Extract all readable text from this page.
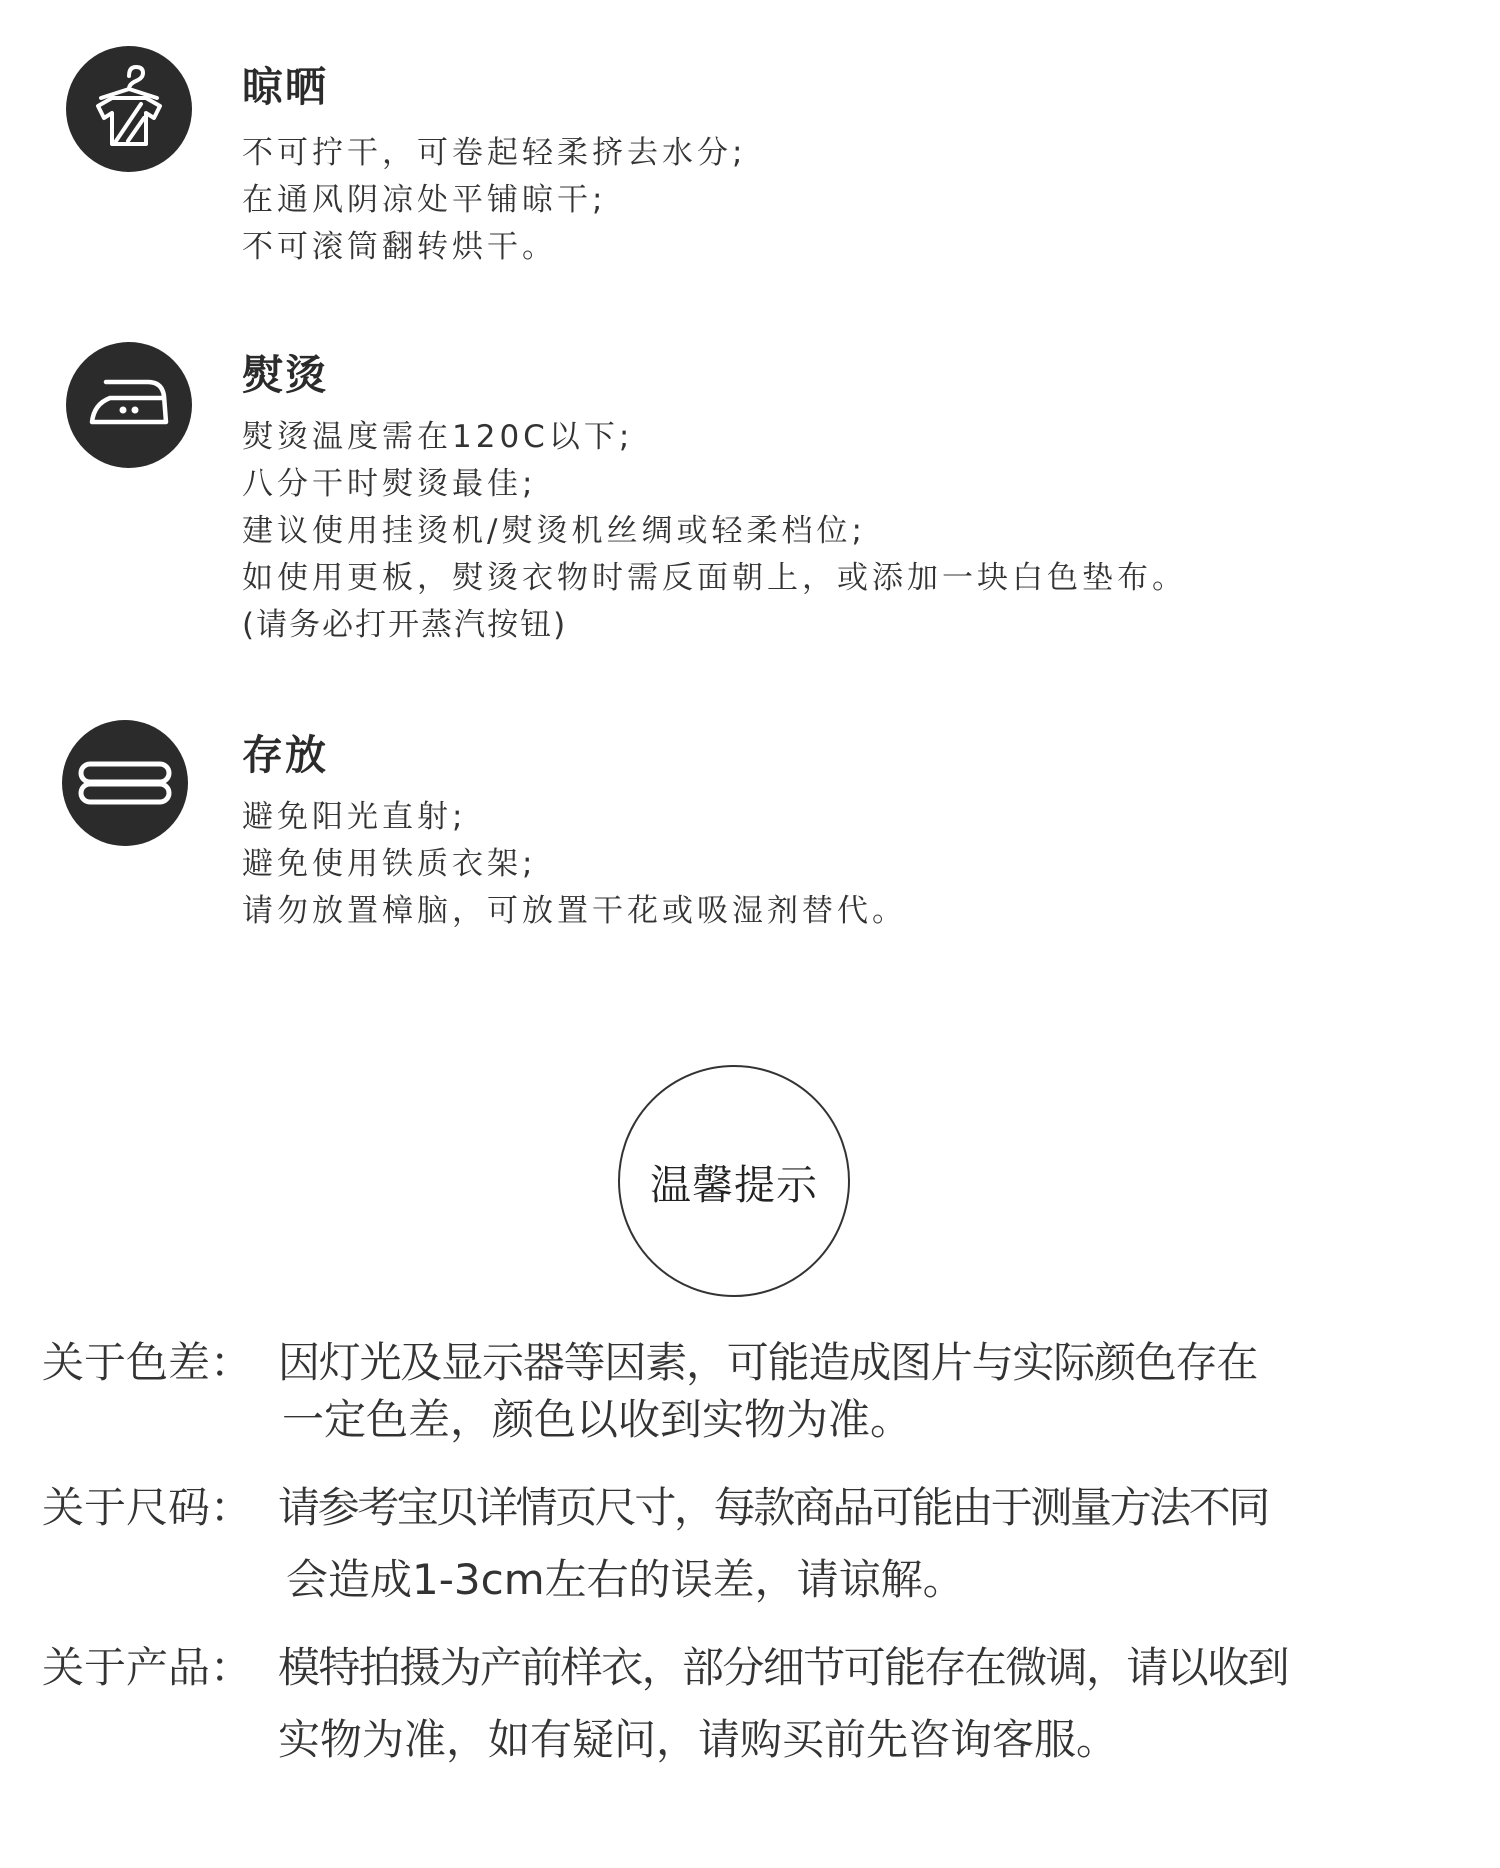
晾晒
不可拧干，可卷起轻柔挤去水分;
在通风阴凉处平铺晾干;
不可滚筒翻转烘干。
熨烫
熨烫温度需在120C以下;
八分干时熨烫最佳;
建议使用挂烫机/熨烫机丝绸或轻柔档位;
如使用更板，熨烫衣物时需反面朝上，或添加一块白色垫布。
(请务必打开蒸汽按钮)
存放
避免阳光直射;
避免使用铁质衣架;
请勿放置樟脑，可放置干花或吸湿剂替代。
温馨提示
关于色差： 因灯光及显示器等因素，可能造成图片与实际颜色存在
一定色差，颜色以收到实物为准。
关于尺码： 请参考宝贝详情页尺寸，每款商品可能由于测量方法不同
会造成1-3cm左右的误差，请谅解。
关于产品： 模特拍摄为产前样衣，部分细节可能存在微调，请以收到
实物为准，如有疑问，请购买前先咨询客服。
